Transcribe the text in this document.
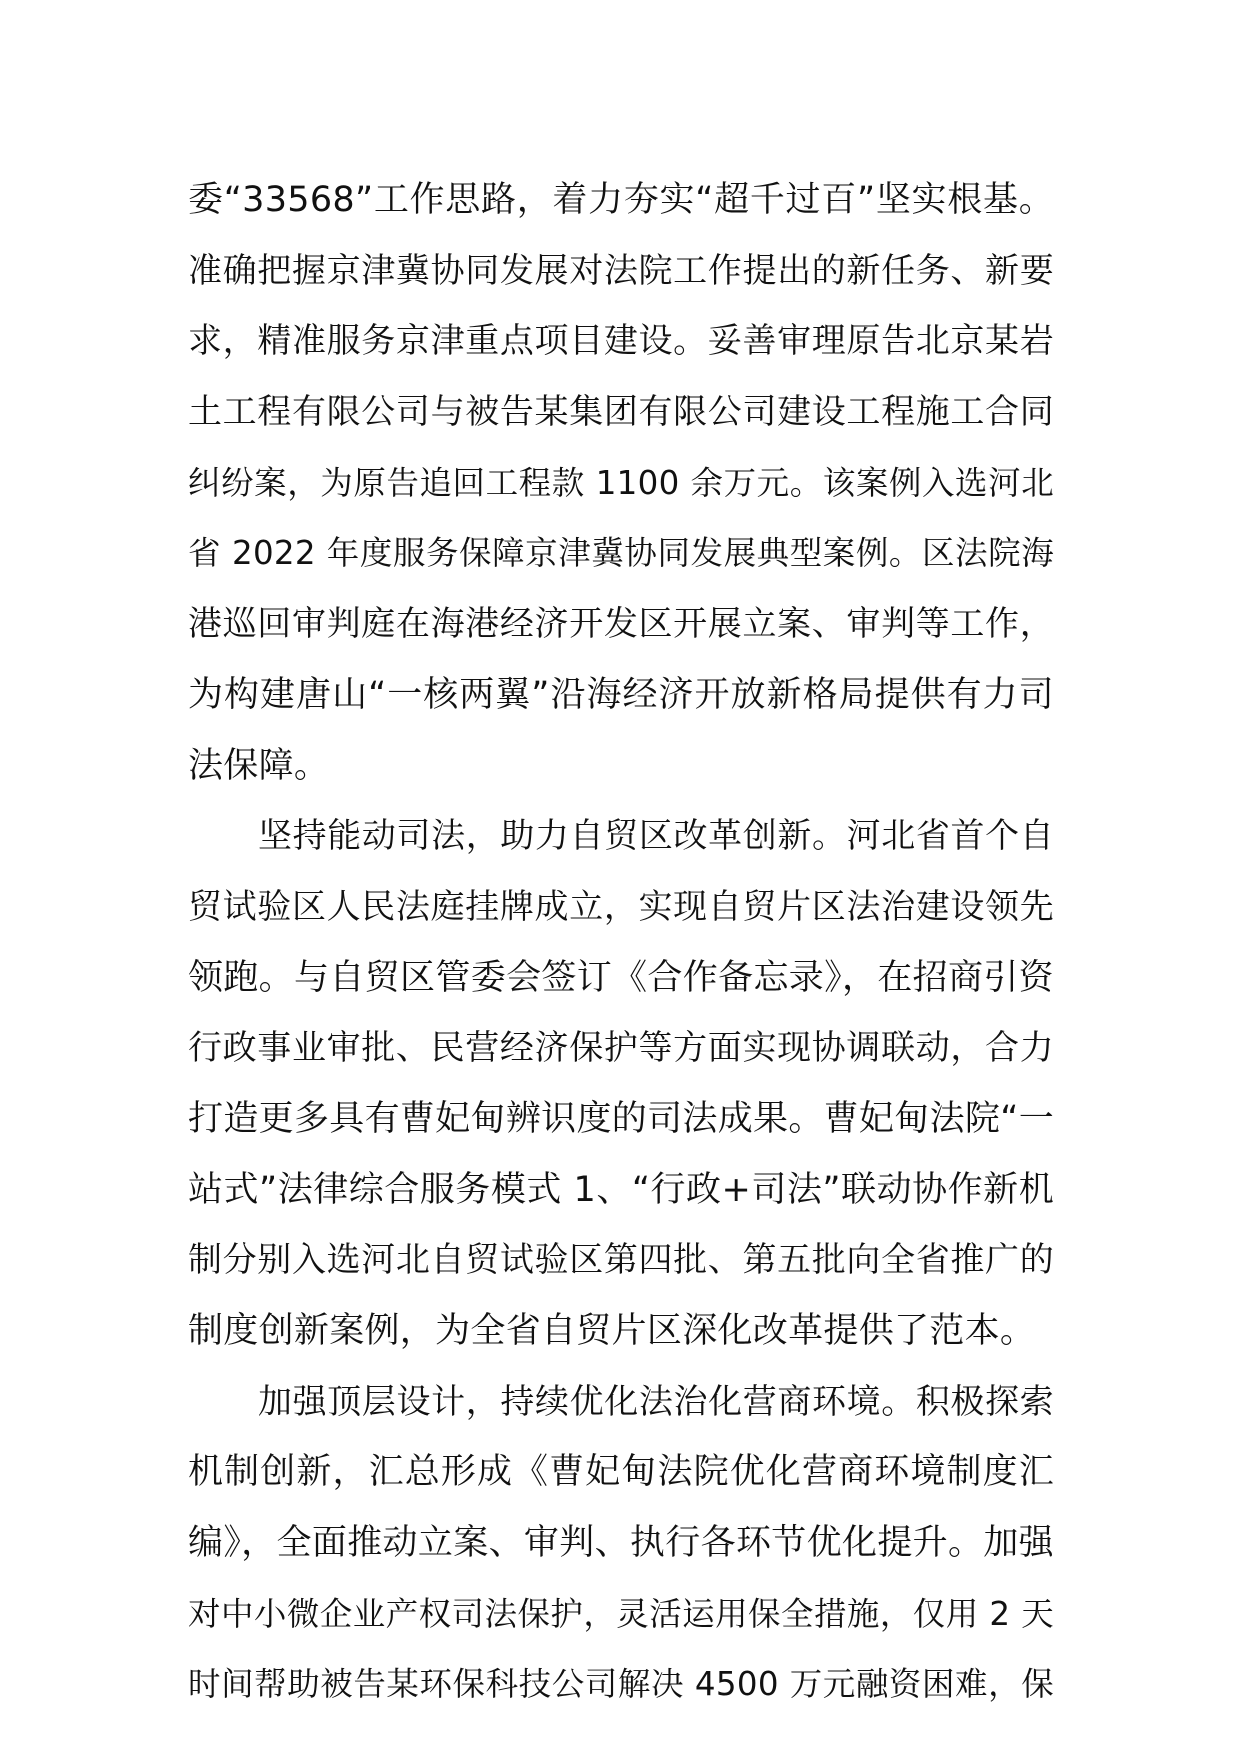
委“33568”工作思路，着力夯实“超千过百”坚实根基。
准确把握京津冀协同发展对法院工作提出的新任务、新要
求，精准服务京津重点项目建设。妥善审理原告北京某岩
土工程有限公司与被告某集团有限公司建设工程施工合同
纠纷案，为原告追回工程款 1100 余万元。该案例入选河北
省 2022 年度服务保障京津冀协同发展典型案例。区法院海
港巡回审判庭在海港经济开发区开展立案、审判等工作，
为构建唐山“一核两翼”沿海经济开放新格局提供有力司
法保障。
坚持能动司法，助力自贸区改革创新。河北省首个自
贸试验区人民法庭挂牌成立，实现自贸片区法治建设领先
领跑。与自贸区管委会签订《合作备忘录》，在招商引资
行政事业审批、民营经济保护等方面实现协调联动，合力
打造更多具有曹妃甸辨识度的司法成果。曹妃甸法院“一
站式”法律综合服务模式 1、“行政+司法”联动协作新机
制分别入选河北自贸试验区第四批、第五批向全省推广的
制度创新案例，为全省自贸片区深化改革提供了范本。
加强顶层设计，持续优化法治化营商环境。积极探索
机制创新，汇总形成《曹妃甸法院优化营商环境制度汇
编》，全面推动立案、审判、执行各环节优化提升。加强
对中小微企业产权司法保护，灵活运用保全措施，仅用 2 天
时间帮助被告某环保科技公司解决 4500 万元融资困难，保
